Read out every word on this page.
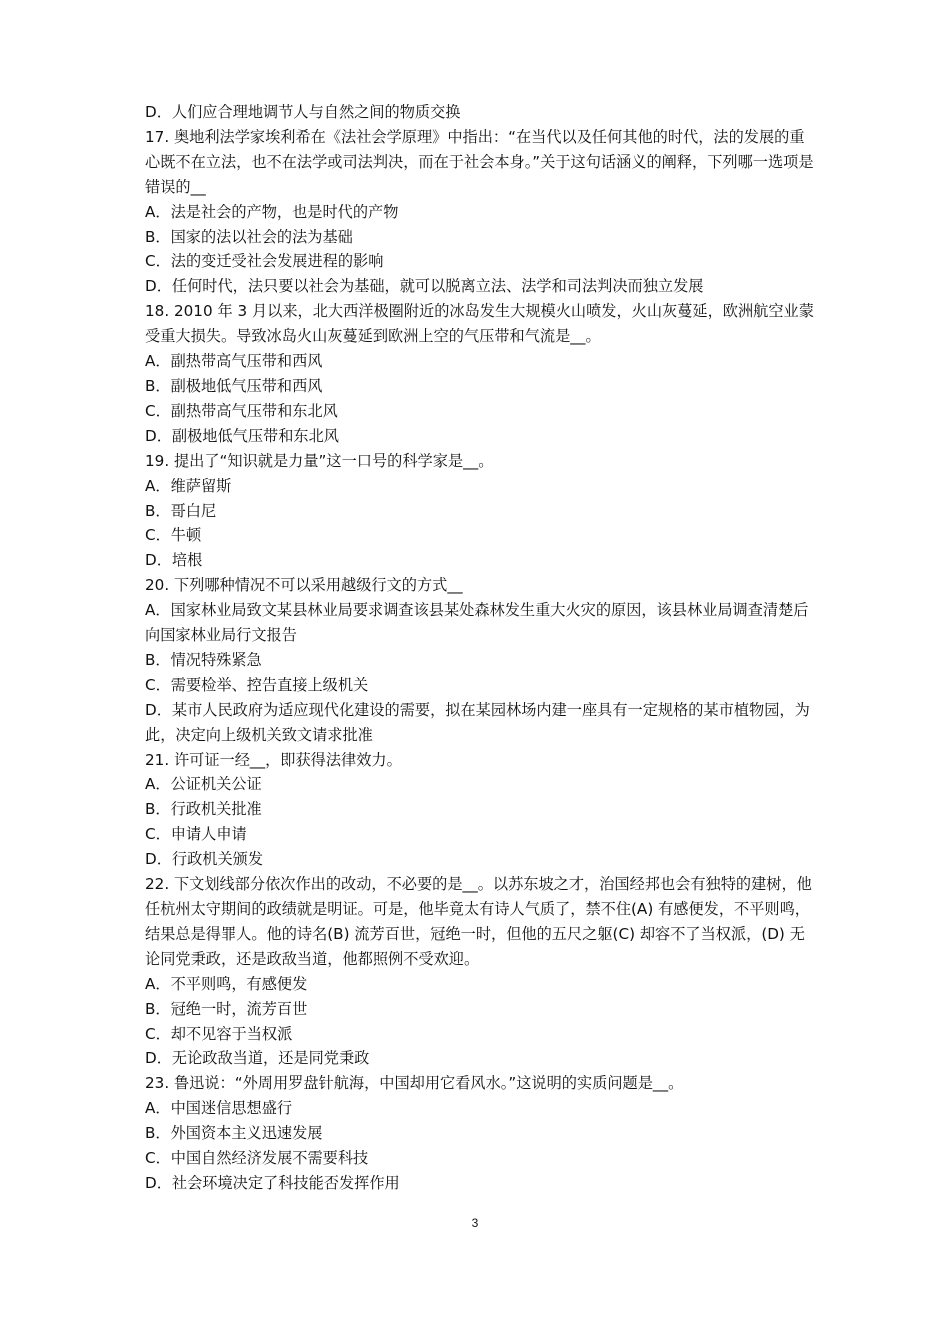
D．人们应合理地调节人与自然之间的物质交换

17. 奥地利法学家埃利希在《法社会学原理》中指出：“在当代以及任何其他的时代，法的发展的重心既不在立法，也不在法学或司法判决，而在于社会本身。”关于这句话涵义的阐释，下列哪一选项是错误的__

A．法是社会的产物，也是时代的产物

B．国家的法以社会的法为基础

C．法的变迁受社会发展进程的影响

D．任何时代，法只要以社会为基础，就可以脱离立法、法学和司法判决而独立发展

18. 2010 年 3 月以来，北大西洋极圈附近的冰岛发生大规模火山喷发，火山灰蔓延，欧洲航空业蒙受重大损失。导致冰岛火山灰蔓延到欧洲上空的气压带和气流是__。

A．副热带高气压带和西风

B．副极地低气压带和西风

C．副热带高气压带和东北风

D．副极地低气压带和东北风

19. 提出了“知识就是力量”这一口号的科学家是__。

A．维萨留斯

B．哥白尼

C．牛顿

D．培根

20. 下列哪种情况不可以采用越级行文的方式__

A．国家林业局致文某县林业局要求调查该县某处森林发生重大火灾的原因，该县林业局调查清楚后向国家林业局行文报告

B．情况特殊紧急

C．需要检举、控告直接上级机关

D．某市人民政府为适应现代化建设的需要，拟在某园林场内建一座具有一定规格的某市植物园，为此，决定向上级机关致文请求批准

21. 许可证一经__，即获得法律效力。

A．公证机关公证

B．行政机关批准

C．申请人申请

D．行政机关颁发

22. 下文划线部分依次作出的改动，不必要的是__。以苏东坡之才，治国经邦也会有独特的建树，他任杭州太守期间的政绩就是明证。可是，他毕竟太有诗人气质了，禁不住(A) 有感便发，不平则鸣，结果总是得罪人。他的诗名(B) 流芳百世，冠绝一时，但他的五尺之躯(C) 却容不了当权派，(D) 无论同党秉政，还是政敌当道，他都照例不受欢迎。

A．不平则鸣，有感便发

B．冠绝一时，流芳百世

C．却不见容于当权派

D．无论政敌当道，还是同党秉政

23. 鲁迅说：“外周用罗盘针航海，中国却用它看风水。”这说明的实质问题是__。

A．中国迷信思想盛行

B．外国资本主义迅速发展

C．中国自然经济发展不需要科技

D．社会环境决定了科技能否发挥作用

3
